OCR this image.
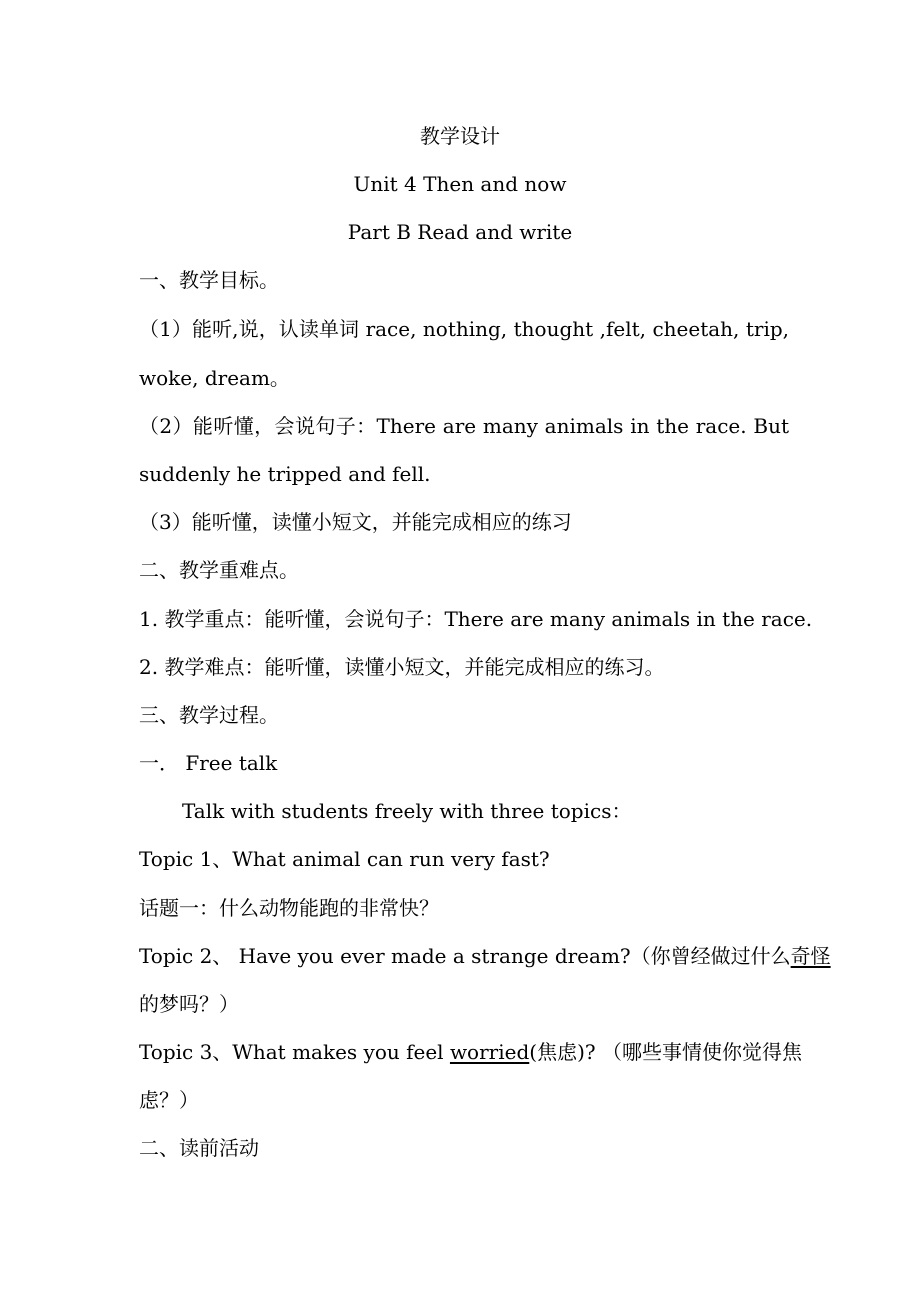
教学设计
Unit 4 Then and now
Part B Read and write
一、教学目标。
（1）能听,说，认读单词 race, nothing, thought ,felt, cheetah, trip,
woke, dream。
（2）能听懂，会说句子：There are many animals in the race. But
suddenly he tripped and fell.
（3）能听懂，读懂小短文，并能完成相应的练习
二、教学重难点。
1. 教学重点：能听懂，会说句子：There are many animals in the race.
2. 教学难点：能听懂，读懂小短文，并能完成相应的练习。
三、教学过程。
一． Free talk
Talk with students freely with three topics：
Topic 1、What animal can run very fast?
话题一：什么动物能跑的非常快？
Topic 2、 Have you ever made a strange dream?（你曾经做过什么奇怪
的梦吗？）
Topic 3、What makes you feel worried(焦虑)? （哪些事情使你觉得焦
虑？）
二、读前活动
